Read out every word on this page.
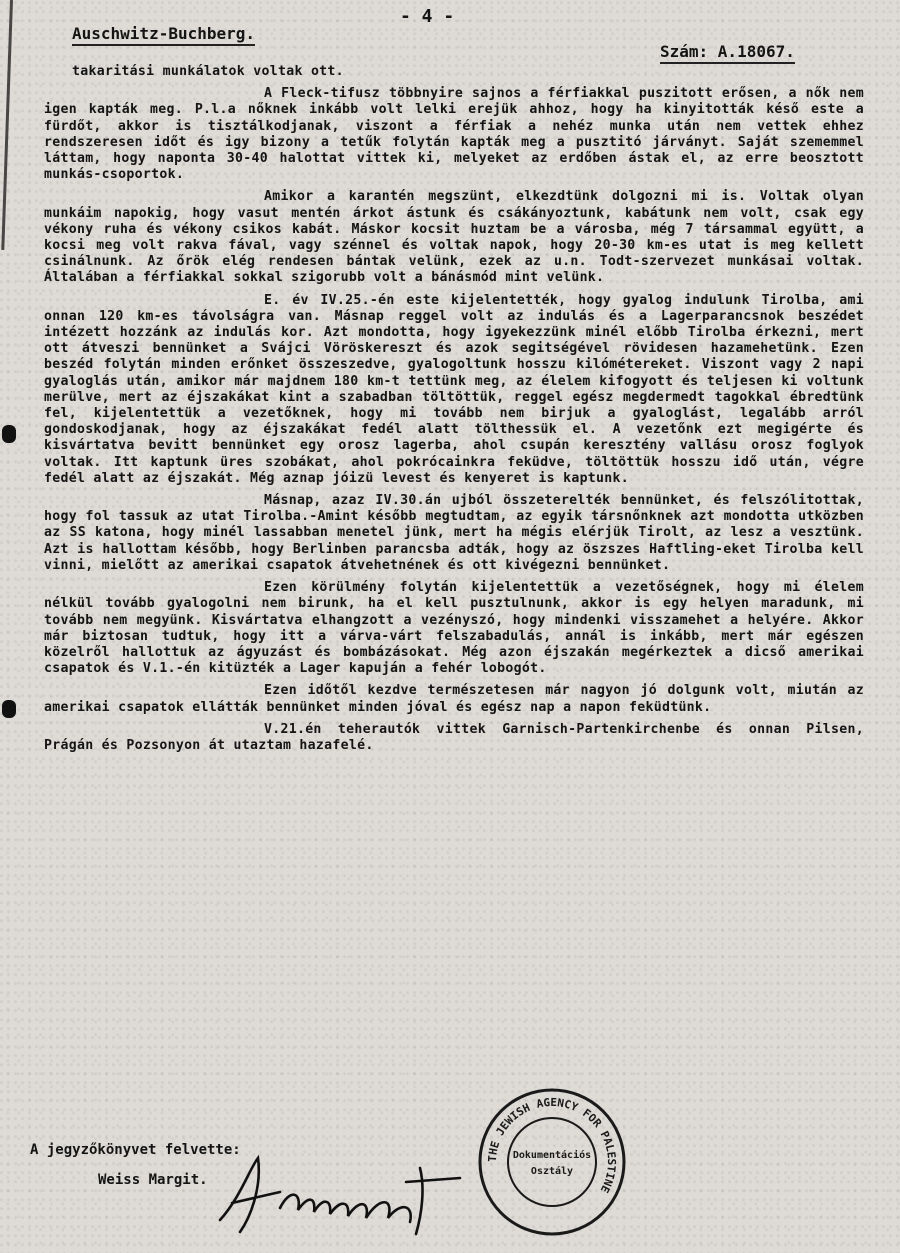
- 4 -
Auschwitz-Buchberg.
Szám: A.18067.

takaritási munkálatok voltak ott.

A Fleck-tifusz többnyire sajnos a férfiakkal puszitott erősen, a nők nem igen kapták meg. P.l.a nőknek inkább volt lelki erejük ahhoz, hogy ha kinyitották késő este a fürdőt, akkor is tisztálkodjanak, viszont a férfiak a nehéz munka után nem vettek ehhez rendszeresen időt és igy bizony a tetűk folytán kapták meg a pusztitó járványt. Saját szememmel láttam, hogy naponta 30-40 halottat vittek ki, melyeket az erdőben ástak el, az erre beosztott munkás-csoportok.

Amikor a karantén megszünt, elkezdtünk dolgozni mi is. Voltak olyan munkáim napokig, hogy vasut mentén árkot ástunk és csákányoztunk, kabátunk nem volt, csak egy vékony ruha és vékony csikos kabát. Máskor kocsit huztam be a városba, még 7 társammal együtt, a kocsi meg volt rakva fával, vagy szénnel és voltak napok, hogy 20-30 km-es utat is meg kellett csinálnunk. Az őrök elég rendesen bántak velünk, ezek az u.n. Todt-szervezet munkásai voltak. Általában a férfiakkal sokkal szigorubb volt a bánásmód mint velünk.

E. év IV.25.-én este kijelentették, hogy gyalog indulunk Tirolba, ami onnan 120 km-es távolságra van. Másnap reggel volt az indulás és a Lagerparancsnok beszédet intézett hozzánk az indulás kor. Azt mondotta, hogy igyekezzünk minél előbb Tirolba érkezni, mert ott átveszi bennünket a Svájci Vöröskereszt és azok segitségével rövidesen hazamehetünk. Ezen beszéd folytán minden erőnket összeszedve, gyalogoltunk hosszu kilómétereket. Viszont vagy 2 napi gyaloglás után, amikor már majdnem 180 km-t tettünk meg, az élelem kifogyott és teljesen ki voltunk merülve, mert az éjszakákat kint a szabadban töltöttük, reggel egész megdermedt tagokkal ébredtünk fel, kijelentettük a vezetőknek, hogy mi tovább nem birjuk a gyaloglást, legalább arról gondoskodjanak, hogy az éjszakákat fedél alatt tölthessük el. A vezetőnk ezt megigérte és kisvártatva bevitt bennünket egy orosz lagerba, ahol csupán keresztény vallásu orosz foglyok voltak. Itt kaptunk üres szobákat, ahol pokrócainkra feküdve, töltöttük hosszu idő után, végre fedél alatt az éjszakát. Még aznap jóizü levest és kenyeret is kaptunk.

Másnap, azaz IV.30.án ujból összeterelték bennünket, és felszólitottak, hogy fol tassuk az utat Tirolba.-Amint később megtudtam, az egyik társnőnknek azt mondotta utközben az SS katona, hogy minél lassabban menetel jünk, mert ha mégis elérjük Tirolt, az lesz a vesztünk. Azt is hallottam később, hogy Berlinben parancsba adták, hogy az öszszes Haftling-eket Tirolba kell vinni, mielőtt az amerikai csapatok átvehetnének és ott kivégezni bennünket.

Ezen körülmény folytán kijelentettük a vezetőségnek, hogy mi élelem nélkül tovább gyalogolni nem birunk, ha el kell pusztulnunk, akkor is egy helyen maradunk, mi tovább nem megyünk. Kisvártatva elhangzott a vezényszó, hogy mindenki visszamehet a helyére. Akkor már biztosan tudtuk, hogy itt a várva-várt felszabadulás, annál is inkább, mert már egészen közelről hallottuk az ágyuzást és bombázásokat. Még azon éjszakán megérkeztek a dicső amerikai csapatok és V.1.-én kitüzték a Lager kapuján a fehér lobogót.

Ezen időtől kezdve természetesen már nagyon jó dolgunk volt, miután az amerikai csapatok ellátták bennünket minden jóval és egész nap a napon feküdtünk.

V.21.én teherautók vittek Garnisch-Partenkirchenbe és onnan Pilsen, Prágán és Pozsonyon át utaztam hazafelé.

A jegyzőkönyvet felvette:
Weiss Margit.
THE JEWISH AGENCY FOR PALESTINE
Dokumentációs
Osztály
